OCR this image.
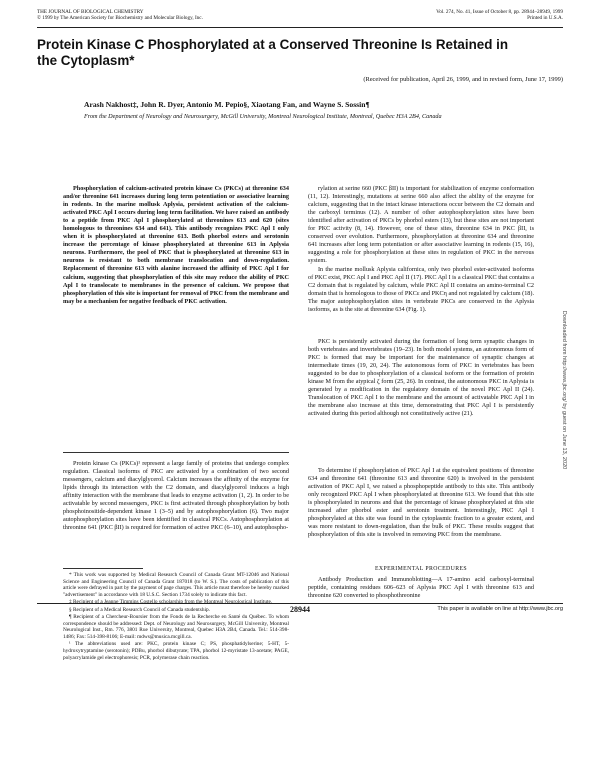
THE JOURNAL OF BIOLOGICAL CHEMISTRY
© 1999 by The American Society for Biochemistry and Molecular Biology, Inc.
Vol. 274, No. 41, Issue of October 8, pp. 28944–28949, 1999
Printed in U.S.A.
Protein Kinase C Phosphorylated at a Conserved Threonine Is Retained in the Cytoplasm*
(Received for publication, April 26, 1999, and in revised form, June 17, 1999)
Arash Nakhost‡, John R. Dyer, Antonio M. Pepio§, Xiaotang Fan, and Wayne S. Sossin¶
From the Department of Neurology and Neurosurgery, McGill University, Montreal Neurological Institute, Montreal, Quebec H3A 2B4, Canada

Phosphorylation of calcium-activated protein kinase Cs (PKCs) at threonine 634 and/or threonine 641 increases during long term potentiation or associative learning in rodents. In the marine mollusk Aplysia, persistent activation of the calcium-activated PKC Apl I occurs during long term facilitation. We have raised an antibody to a peptide from PKC Apl I phosphorylated at threonines 613 and 620 (sites homologous to threonines 634 and 641). This antibody recognizes PKC Apl I only when it is phosphorylated at threonine 613. Both phorbol esters and serotonin increase the percentage of kinase phosphorylated at threonine 613 in Aplysia neurons. Furthermore, the pool of PKC that is phosphorylated at threonine 613 in neurons is resistant to both membrane translocation and down-regulation. Replacement of threonine 613 with alanine increased the affinity of PKC Apl I for calcium, suggesting that phosphorylation of this site may reduce the ability of PKC Apl I to translocate to membranes in the presence of calcium. We propose that phosphorylation of this site is important for removal of PKC from the membrane and may be a mechanism for negative feedback of PKC activation.

Protein kinase Cs (PKCs)¹ represent a large family of proteins that undergo complex regulation. Classical isoforms of PKC are activated by a combination of two second messengers, calcium and diacylglycerol. Calcium increases the affinity of the enzyme for lipids through its interaction with the C2 domain, and diacylglycerol induces a high affinity interaction with the membrane that leads to enzyme activation (1, 2). In order to be activatable by second messengers, PKC is first activated through phosphorylation by both phosphoinositide-dependent kinase 1 (3–5) and by autophosphorylation (6). Two major autophosphorylation sites have been identified in classical PKCs. Autophosphorylation at threonine 641 (PKC βII) is required for formation of active PKC (6–10), and autophospho-

* This work was supported by Medical Research Council of Canada Grant MT-12046 and National Science and Engineering Council of Canada Grant 187018 (to W. S.). The costs of publication of this article were defrayed in part by the payment of page charges. This article must therefore be hereby marked "advertisement" in accordance with 18 U.S.C. Section 1734 solely to indicate this fact.
‡ Recipient of a Jeanne Timmins Costello scholarship from the Montreal Neurological Institute.
§ Recipient of a Medical Research Council of Canada studentship.
¶ Recipient of a Chercheur-Boursier from the Fonds de la Recherche en Santé du Québec. To whom correspondence should be addressed: Dept. of Neurology and Neurosurgery, McGill University, Montreal Neurological Inst., Rm. 776, 3801 Rue University, Montreal, Quebec H3A 2B4, Canada. Tel.: 514-398-1486; Fax: 514-398-8106; E-mail: mdws@musica.mcgill.ca.
¹ The abbreviations used are: PKC, protein kinase C; PS, phosphatidylserine; 5-HT, 5-hydroxytryptamine (serotonin); PDBu, phorbol dibutyrate; TPA, phorbol 12-myristate 13-acetate; PAGE, polyacrylamide gel electrophoresis; PCR, polymerase chain reaction.

rylation at serine 660 (PKC βII) is important for stabilization of enzyme conformation (11, 12). Interestingly, mutations at serine 660 also affect the ability of the enzyme for calcium, suggesting that in the intact kinase interactions occur between the C2 domain and the carboxyl terminus (12). A number of other autophosphorylation sites have been identified after activation of PKCs by phorbol esters (13), but these sites are not important for PKC activity (8, 14). However, one of these sites, threonine 634 in PKC βII, is conserved over evolution. Furthermore, phosphorylation at threonine 634 and threonine 641 increases after long term potentiation or after associative learning in rodents (15, 16), suggesting a role for phosphorylation at these sites in regulation of PKC in the nervous system.

In the marine mollusk Aplysia californica, only two phorbol ester-activated isoforms of PKC exist, PKC Apl I and PKC Apl II (17). PKC Apl I is a classical PKC that contains a C2 domain that is regulated by calcium, while PKC Apl II contains an amino-terminal C2 domain that is homologous to those of PKCε and PKCη and not regulated by calcium (18). The major autophosphorylation sites in vertebrate PKCs are conserved in the Aplysia isoforms, as is the site at threonine 634 (Fig. 1).

PKC is persistently activated during the formation of long term synaptic changes in both vertebrates and invertebrates (19–23). In both model systems, an autonomous form of PKC is formed that may be important for the maintenance of synaptic changes at intermediate times (19, 20, 24). The autonomous form of PKC in vertebrates has been suggested to be due to phosphorylation of a classical isoform or the formation of protein kinase M from the atypical ζ form (25, 26). In contrast, the autonomous PKC in Aplysia is generated by a modification in the regulatory domain of the novel PKC Apl II (24). Translocation of PKC Apl I to the membrane and the amount of activatable PKC Apl I in the membrane also increase at this time, demonstrating that PKC Apl I is persistently activated during this period although not constitutively active (21).

To determine if phosphorylation of PKC Apl I at the equivalent positions of threonine 634 and threonine 641 (threonine 613 and threonine 620) is involved in the persistent activation of PKC Apl I, we raised a phosphopeptide antibody to this site. This antibody only recognized PKC Apl I when phosphorylated at threonine 613. We found that this site is phosphorylated in neurons and that the percentage of kinase phosphorylated at this site increased after phorbol ester and serotonin treatment. Interestingly, PKC Apl I phosphorylated at this site was found in the cytoplasmic fraction to a greater extent, and was more resistant to down-regulation, than the bulk of PKC. These results suggest that phosphorylation of this site is involved in removing PKC from the membrane.

EXPERIMENTAL PROCEDURES

Antibody Production and Immunoblotting—A 17-amino acid carboxyl-terminal peptide, containing residues 606–623 of Aplysia PKC Apl I with threonine 613 and threonine 620 converted to phosphothreonine

Downloaded from http://www.jbc.org/ by guest on June 13, 2020
28944	This paper is available on line at http://www.jbc.org
